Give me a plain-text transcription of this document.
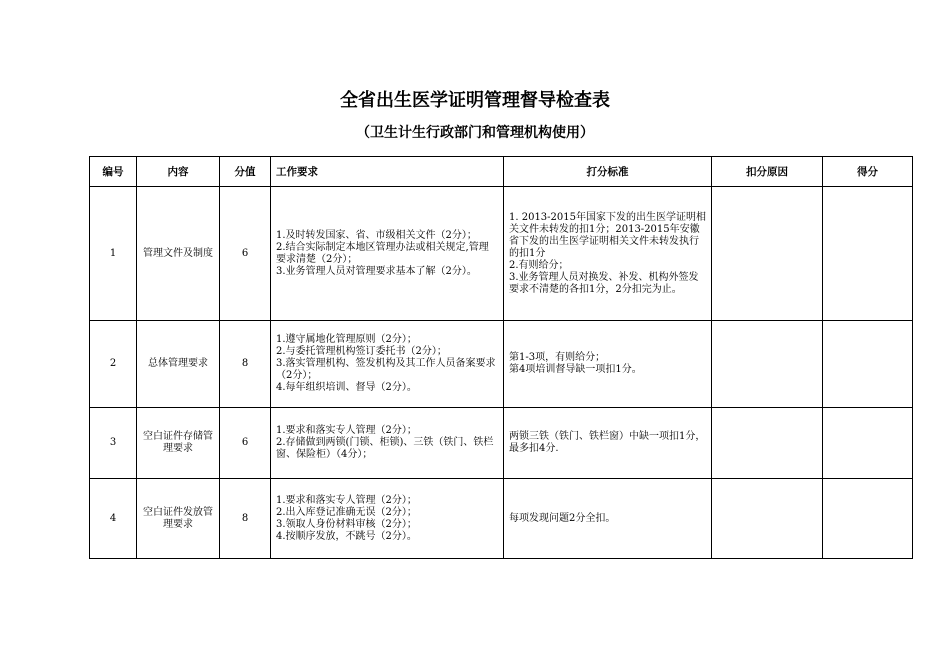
全省出生医学证明管理督导检查表
（卫生计生行政部门和管理机构使用）
编号	内容	分值	工作要求	打分标准	扣分原因	得分
1	管理文件及制度	6	1.及时转发国家、省、市级相关文件（2分）；
2.结合实际制定本地区管理办法或相关规定,管理要求清楚（2分）；
3.业务管理人员对管理要求基本了解（2分）。	1. 2013-2015年国家下发的出生医学证明相关文件未转发的扣1分；2013-2015年安徽省下发的出生医学证明相关文件未转发执行的扣1分
2.有则给分；
3.业务管理人员对换发、补发、机构外签发要求不清楚的各扣1分，2分扣完为止。		

2	总体管理要求	8	1.遵守属地化管理原则（2分）；
2.与委托管理机构签订委托书（2分）；
3.落实管理机构、签发机构及其工作人员备案要求（2分）；
4.每年组织培训、督导（2分）。	第1-3项，有则给分；
第4项培训督导缺一项扣1分。		

3	空白证件存储管理要求	6	1.要求和落实专人管理（2分）；
2.存储做到两锁(门锁、柜锁)、三铁（铁门、铁栏窗、保险柜）（4分）；	两锁三铁（铁门、铁栏窗）中缺一项扣1分，最多扣4分.		

4	空白证件发放管理要求	8	1.要求和落实专人管理（2分）；
2.出入库登记准确无误（2分）；
3.领取人身份材料审核（2分）；
4.按顺序发放，不跳号（2分）。	每项发现问题2分全扣。		
